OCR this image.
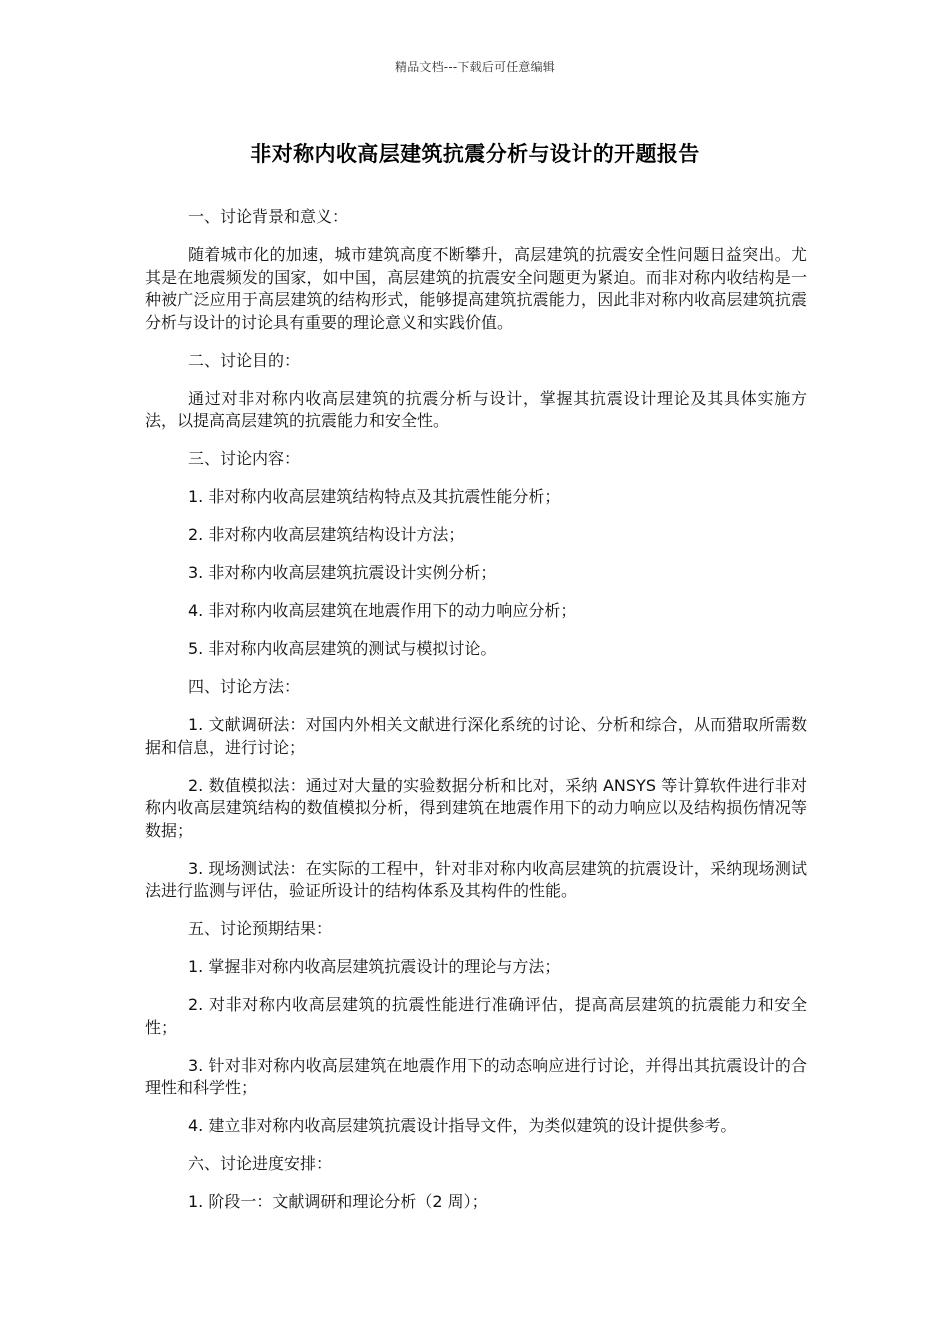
精品文档---下载后可任意编辑
非对称内收高层建筑抗震分析与设计的开题报告

一、讨论背景和意义：

随着城市化的加速，城市建筑高度不断攀升，高层建筑的抗震安全性问题日益突出。尤其是在地震频发的国家，如中国，高层建筑的抗震安全问题更为紧迫。而非对称内收结构是一种被广泛应用于高层建筑的结构形式，能够提高建筑抗震能力，因此非对称内收高层建筑抗震分析与设计的讨论具有重要的理论意义和实践价值。

二、讨论目的：

通过对非对称内收高层建筑的抗震分析与设计，掌握其抗震设计理论及其具体实施方法，以提高高层建筑的抗震能力和安全性。

三、讨论内容：

1. 非对称内收高层建筑结构特点及其抗震性能分析；

2. 非对称内收高层建筑结构设计方法；

3. 非对称内收高层建筑抗震设计实例分析；

4. 非对称内收高层建筑在地震作用下的动力响应分析；

5. 非对称内收高层建筑的测试与模拟讨论。

四、讨论方法：

1. 文献调研法：对国内外相关文献进行深化系统的讨论、分析和综合，从而猎取所需数据和信息，进行讨论；

2. 数值模拟法：通过对大量的实验数据分析和比对，采纳 ANSYS 等计算软件进行非对称内收高层建筑结构的数值模拟分析，得到建筑在地震作用下的动力响应以及结构损伤情况等数据；

3. 现场测试法：在实际的工程中，针对非对称内收高层建筑的抗震设计，采纳现场测试法进行监测与评估，验证所设计的结构体系及其构件的性能。

五、讨论预期结果：

1. 掌握非对称内收高层建筑抗震设计的理论与方法；

2. 对非对称内收高层建筑的抗震性能进行准确评估，提高高层建筑的抗震能力和安全性；

3. 针对非对称内收高层建筑在地震作用下的动态响应进行讨论，并得出其抗震设计的合理性和科学性；

4. 建立非对称内收高层建筑抗震设计指导文件，为类似建筑的设计提供参考。

六、讨论进度安排：

1. 阶段一：文献调研和理论分析（2 周）；
